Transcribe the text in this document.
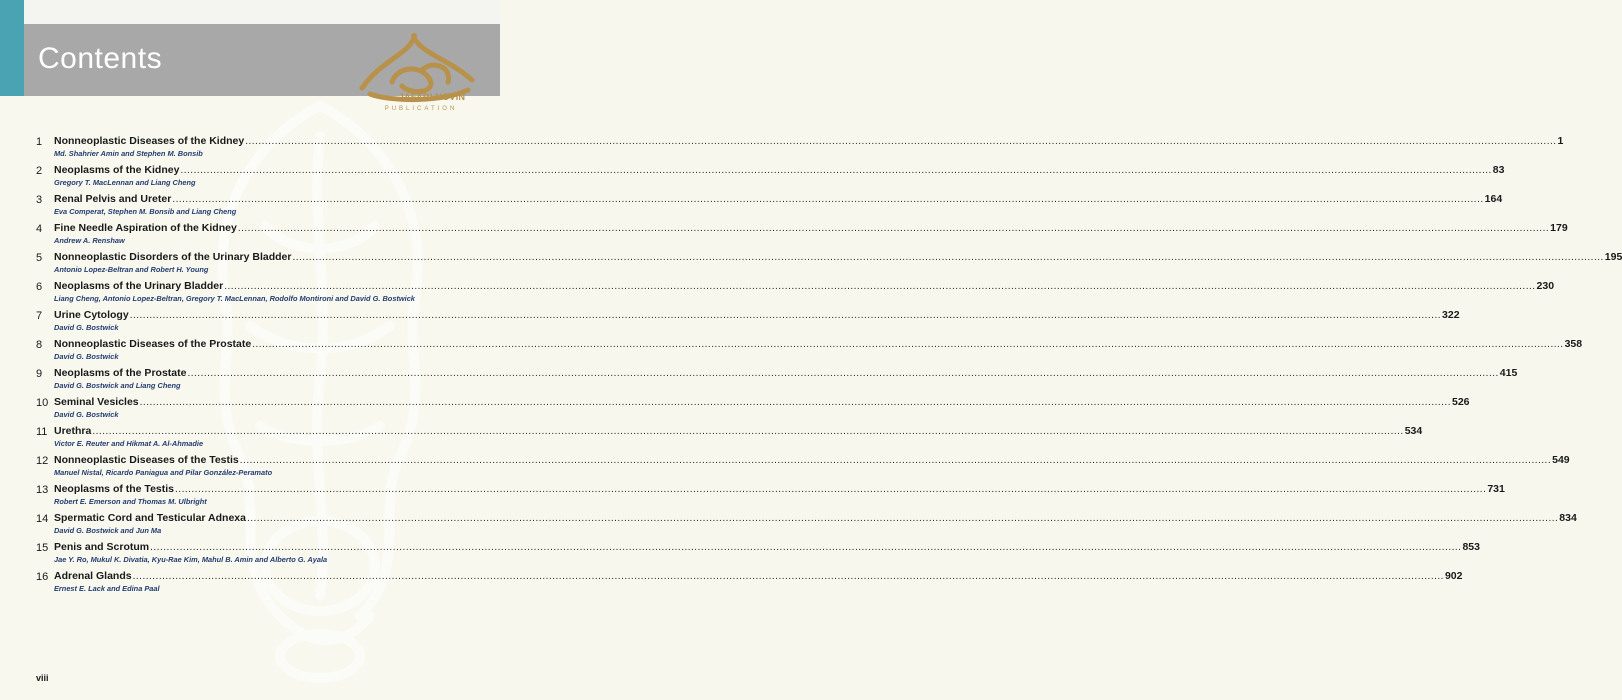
Contents
JAFARI NOVIN
PUBLICATION
1	Nonneoplastic Diseases of the Kidney ................................................................................................................................................................................................................................................................................................................................................................................................................ 1
Md. Shahrier Amin and Stephen M. Bonsib
2	Neoplasms of the Kidney ................................................................................................................................................................................................................................................................................................................................................................................................................ 83
Gregory T. MacLennan and Liang Cheng
3	Renal Pelvis and Ureter ................................................................................................................................................................................................................................................................................................................................................................................................................ 164
Eva Comperat, Stephen M. Bonsib and Liang Cheng
4	Fine Needle Aspiration of the Kidney ................................................................................................................................................................................................................................................................................................................................................................................................................ 179
Andrew A. Renshaw
5	Nonneoplastic Disorders of the Urinary Bladder ................................................................................................................................................................................................................................................................................................................................................................................................................ 195
Antonio Lopez-Beltran and Robert H. Young
6	Neoplasms of the Urinary Bladder ................................................................................................................................................................................................................................................................................................................................................................................................................ 230
Liang Cheng, Antonio Lopez-Beltran, Gregory T. MacLennan, Rodolfo Montironi and David G. Bostwick
7	Urine Cytology ................................................................................................................................................................................................................................................................................................................................................................................................................ 322
David G. Bostwick
8	Nonneoplastic Diseases of the Prostate ................................................................................................................................................................................................................................................................................................................................................................................................................ 358
David G. Bostwick
9	Neoplasms of the Prostate ................................................................................................................................................................................................................................................................................................................................................................................................................ 415
David G. Bostwick and Liang Cheng
10 Seminal Vesicles ................................................................................................................................................................................................................................................................................................................................................................................................................ 526
David G. Bostwick
11 Urethra ................................................................................................................................................................................................................................................................................................................................................................................................................ 534
Victor E. Reuter and Hikmat A. Al-Ahmadie
12 Nonneoplastic Diseases of the Testis ................................................................................................................................................................................................................................................................................................................................................................................................................ 549
Manuel Nistal, Ricardo Paniagua and Pilar González-Peramato
13 Neoplasms of the Testis ................................................................................................................................................................................................................................................................................................................................................................................................................ 731
Robert E. Emerson and Thomas M. Ulbright
14 Spermatic Cord and Testicular Adnexa ................................................................................................................................................................................................................................................................................................................................................................................................................ 834
David G. Bostwick and Jun Ma
15 Penis and Scrotum ................................................................................................................................................................................................................................................................................................................................................................................................................ 853
Jae Y. Ro, Mukul K. Divatia, Kyu-Rae Kim, Mahul B. Amin and Alberto G. Ayala
16 Adrenal Glands ................................................................................................................................................................................................................................................................................................................................................................................................................ 902
Ernest E. Lack and Edina Paal
viii
